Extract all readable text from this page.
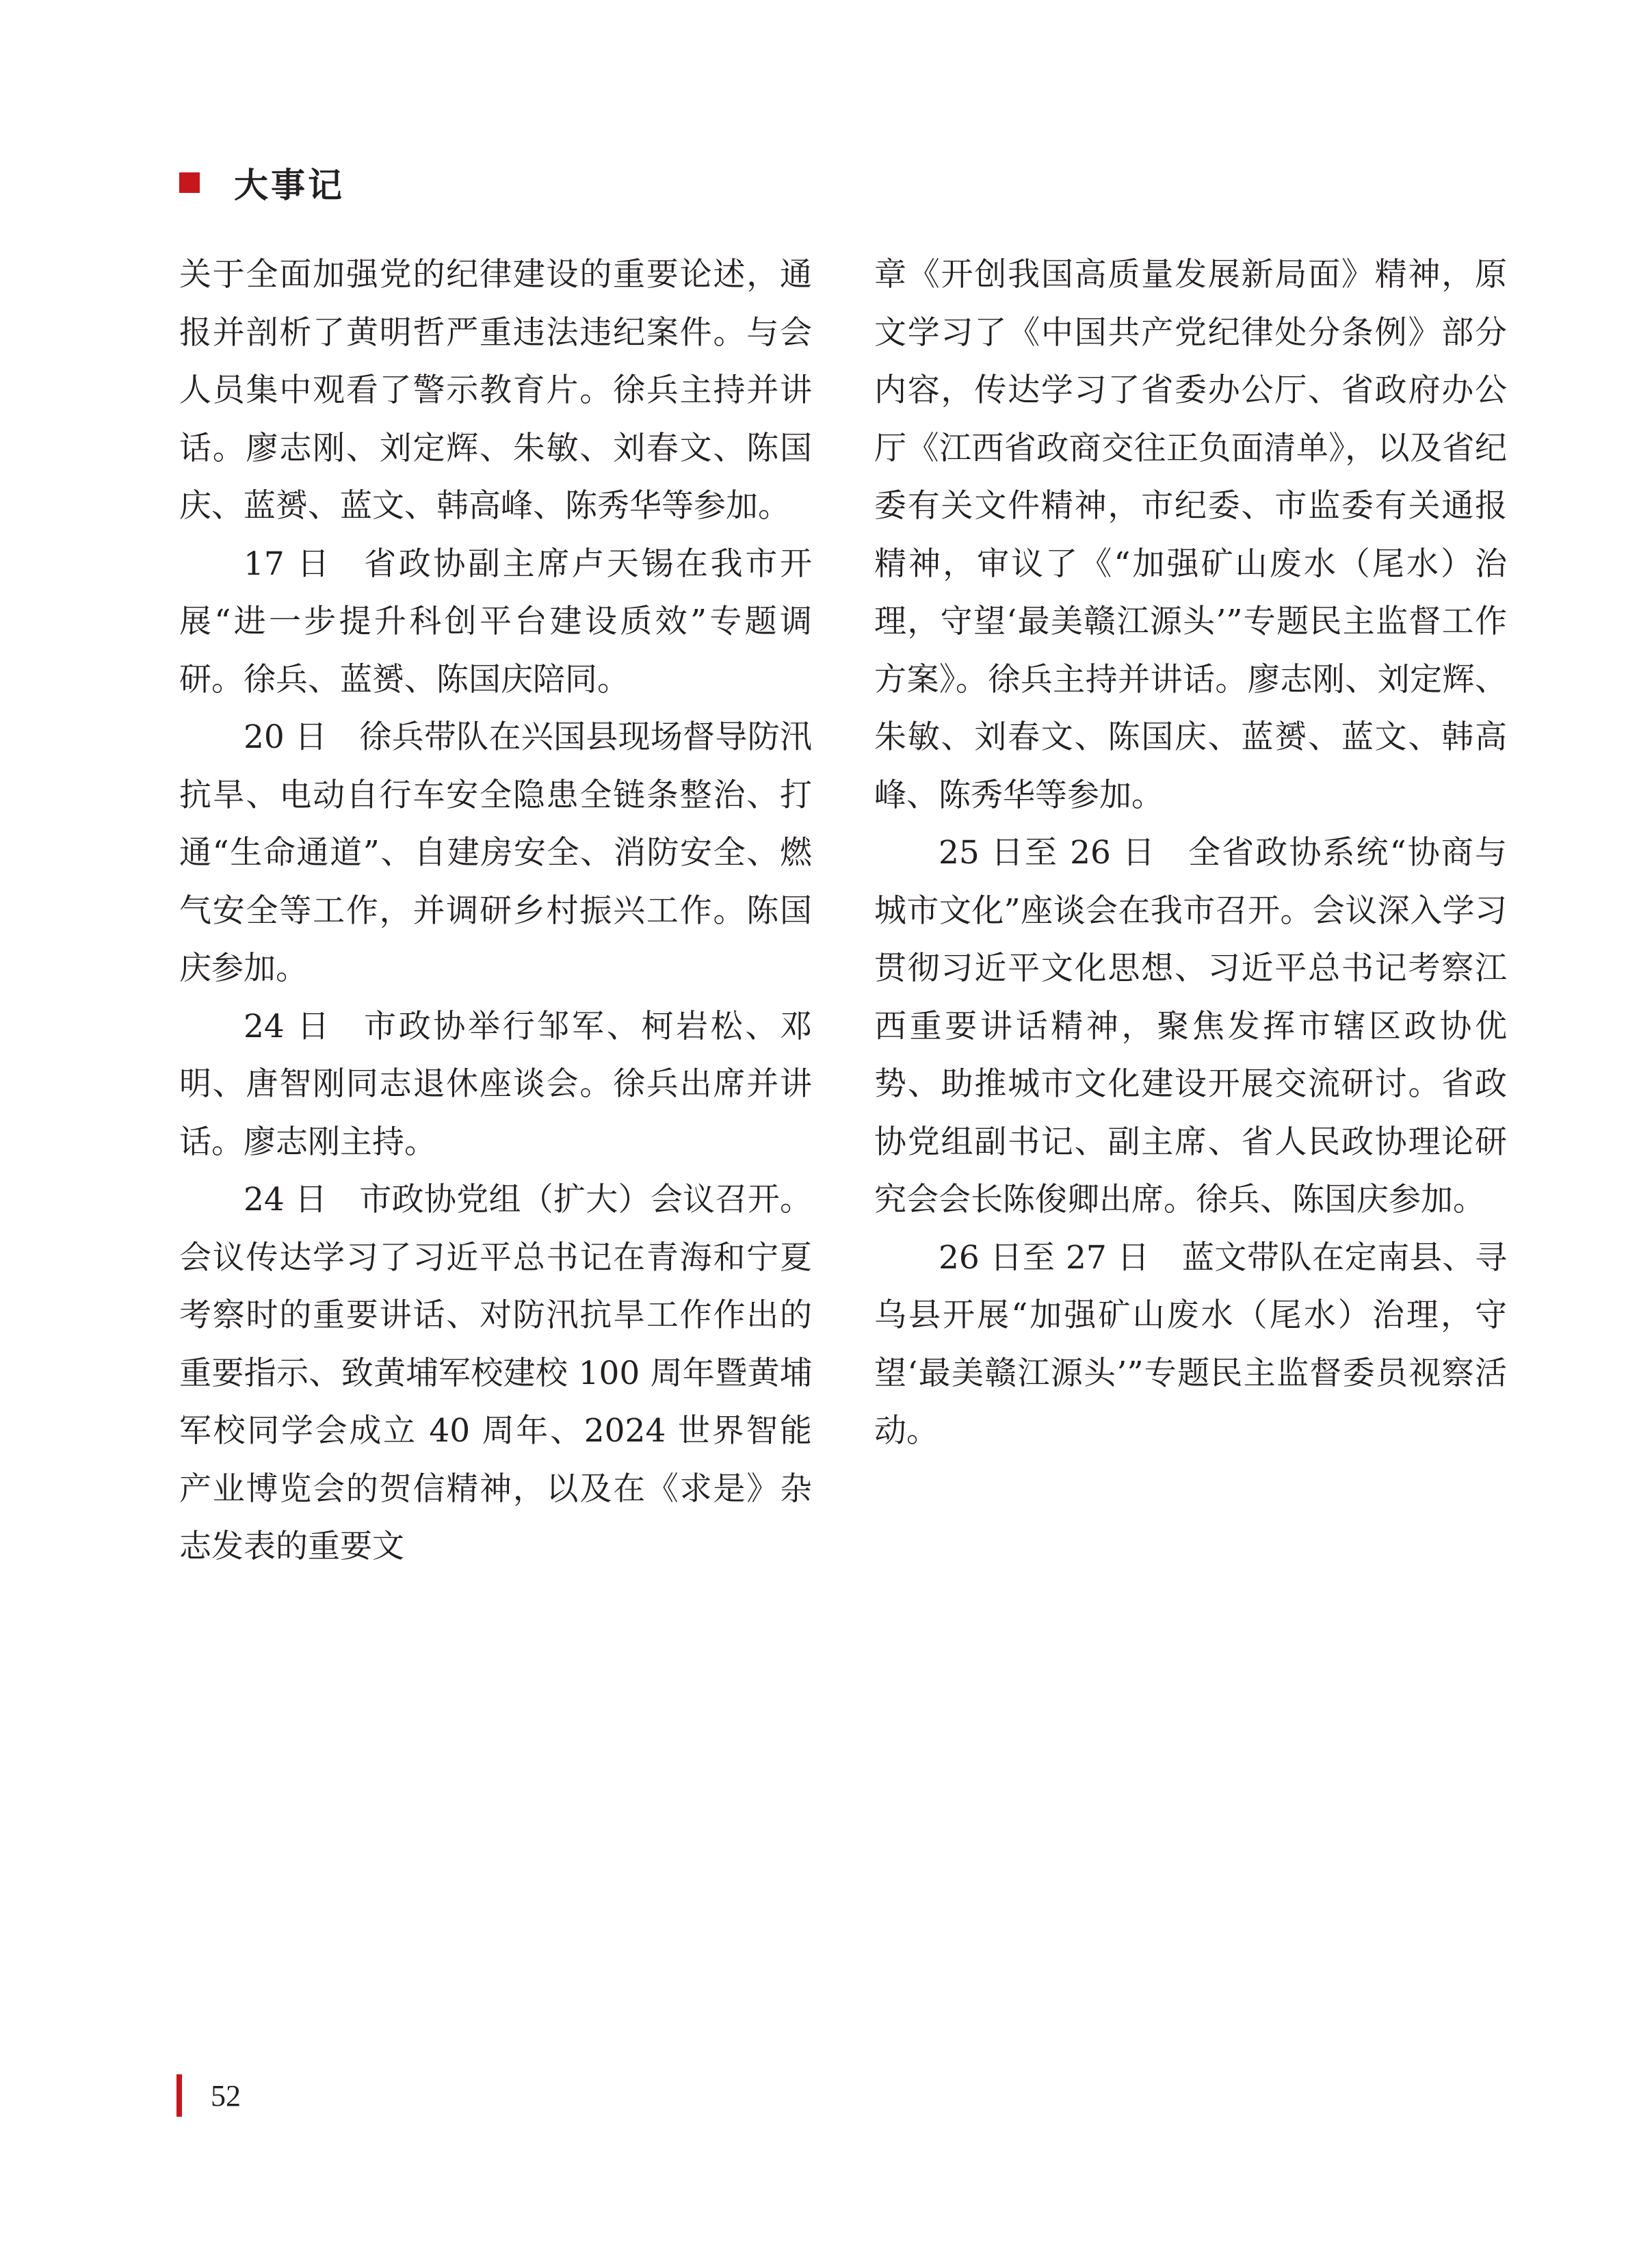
大事记

关于全面加强党的纪律建设的重要论述，通报并剖析了黄明哲严重违法违纪案件。与会人员集中观看了警示教育片。徐兵主持并讲话。廖志刚、刘定辉、朱敏、刘春文、陈国庆、蓝赟、蓝文、韩高峰、陈秀华等参加。

17 日 省政协副主席卢天锡在我市开展“进一步提升科创平台建设质效”专题调研。徐兵、蓝赟、陈国庆陪同。

20 日 徐兵带队在兴国县现场督导防汛抗旱、电动自行车安全隐患全链条整治、打通“生命通道”、自建房安全、消防安全、燃气安全等工作，并调研乡村振兴工作。陈国庆参加。

24 日 市政协举行邹军、柯岩松、邓明、唐智刚同志退休座谈会。徐兵出席并讲话。廖志刚主持。

24 日 市政协党组（扩大）会议召开。会议传达学习了习近平总书记在青海和宁夏考察时的重要讲话、对防汛抗旱工作作出的重要指示、致黄埔军校建校 100 周年暨黄埔军校同学会成立 40 周年、2024 世界智能产业博览会的贺信精神，以及在《求是》杂志发表的重要文

章《开创我国高质量发展新局面》精神，原文学习了《中国共产党纪律处分条例》部分内容，传达学习了省委办公厅、省政府办公厅《江西省政商交往正负面清单》，以及省纪委有关文件精神，市纪委、市监委有关通报精神，审议了《“加强矿山废水（尾水）治理，守望‘最美赣江源头’”专题民主监督工作方案》。徐兵主持并讲话。廖志刚、刘定辉、朱敏、刘春文、陈国庆、蓝赟、蓝文、韩高峰、陈秀华等参加。

25 日至 26 日 全省政协系统“协商与城市文化”座谈会在我市召开。会议深入学习贯彻习近平文化思想、习近平总书记考察江西重要讲话精神，聚焦发挥市辖区政协优势、助推城市文化建设开展交流研讨。省政协党组副书记、副主席、省人民政协理论研究会会长陈俊卿出席。徐兵、陈国庆参加。

26 日至 27 日 蓝文带队在定南县、寻乌县开展“加强矿山废水（尾水）治理，守望‘最美赣江源头’”专题民主监督委员视察活动。

52
